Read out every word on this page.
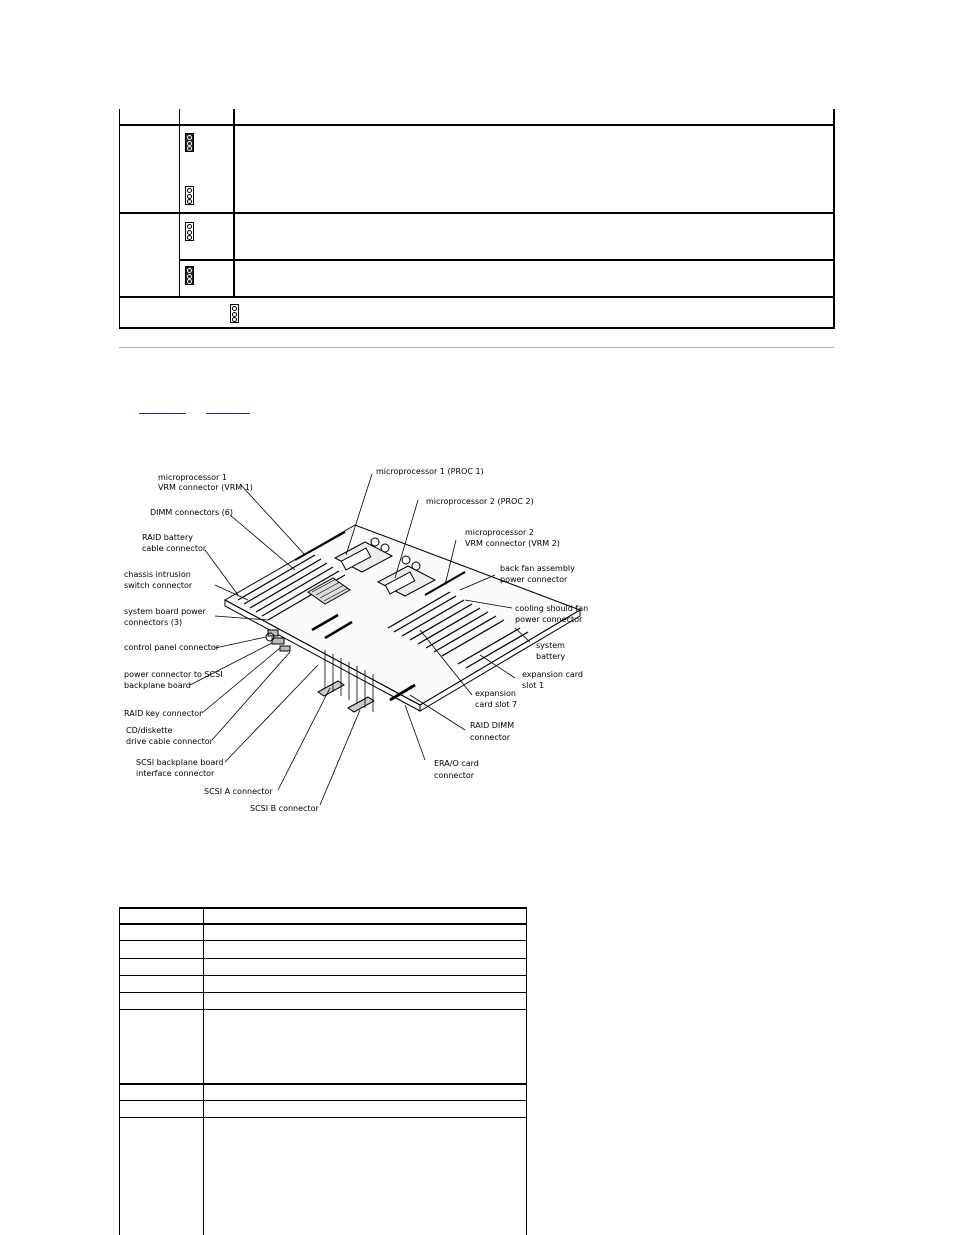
microprocessor 1
VRM connector (VRM 1)
DIMM connectors (6)
RAID battery
cable connector
chassis intrusion
switch connector
system board power
connectors (3)
control panel connector
power connector to SCSI
backplane board
RAID key connector
CD/diskette
drive cable connector
SCSI backplane board
interface connector
SCSI A connector
SCSI B connector
microprocessor 1 (PROC 1)
microprocessor 2 (PROC 2)
microprocessor 2
VRM connector (VRM 2)
back fan assembly
power connector
cooling should fan
power connector
system
battery
expansion card
slot 1
expansion
card slot 7
RAID DIMM
connector
ERA/O card
connector
